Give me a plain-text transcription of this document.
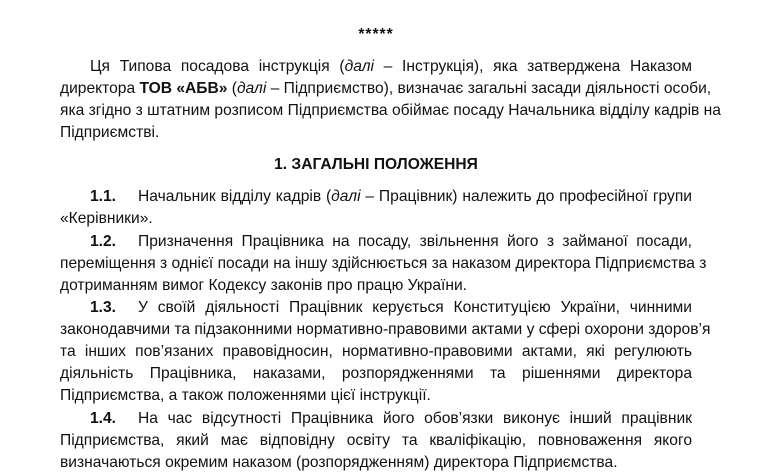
*****
Ця Типова посадова інструкція (далі – Інструкція), яка затверджена Наказом
директора ТОВ «АБВ» (далі – Підприємство), визначає загальні засади діяльності особи,
яка згідно з штатним розписом Підприємства обіймає посаду Начальника відділу кадрів на
Підприємстві.
1. ЗАГАЛЬНІ ПОЛОЖЕННЯ
1.1. Начальник відділу кадрів (далі – Працівник) належить до професійної групи
«Керівники».
1.2. Призначення Працівника на посаду, звільнення його з займаної посади,
переміщення з однієї посади на іншу здійснюється за наказом директора Підприємства з
дотриманням вимог Кодексу законів про працю України.
1.3. У своїй діяльності Працівник керується Конституцією України, чинними
законодавчими та підзаконними нормативно-правовими актами у сфері охорони здоров’я
та інших пов’язаних правовідносин, нормативно-правовими актами, які регулюють
діяльність Працівника, наказами, розпорядженнями та рішеннями директора
Підприємства, а також положеннями цієї інструкції.
1.4. На час відсутності Працівника його обов’язки виконує інший працівник
Підприємства, який має відповідну освіту та кваліфікацію, повноваження якого
визначаються окремим наказом (розпорядженням) директора Підприємства.
